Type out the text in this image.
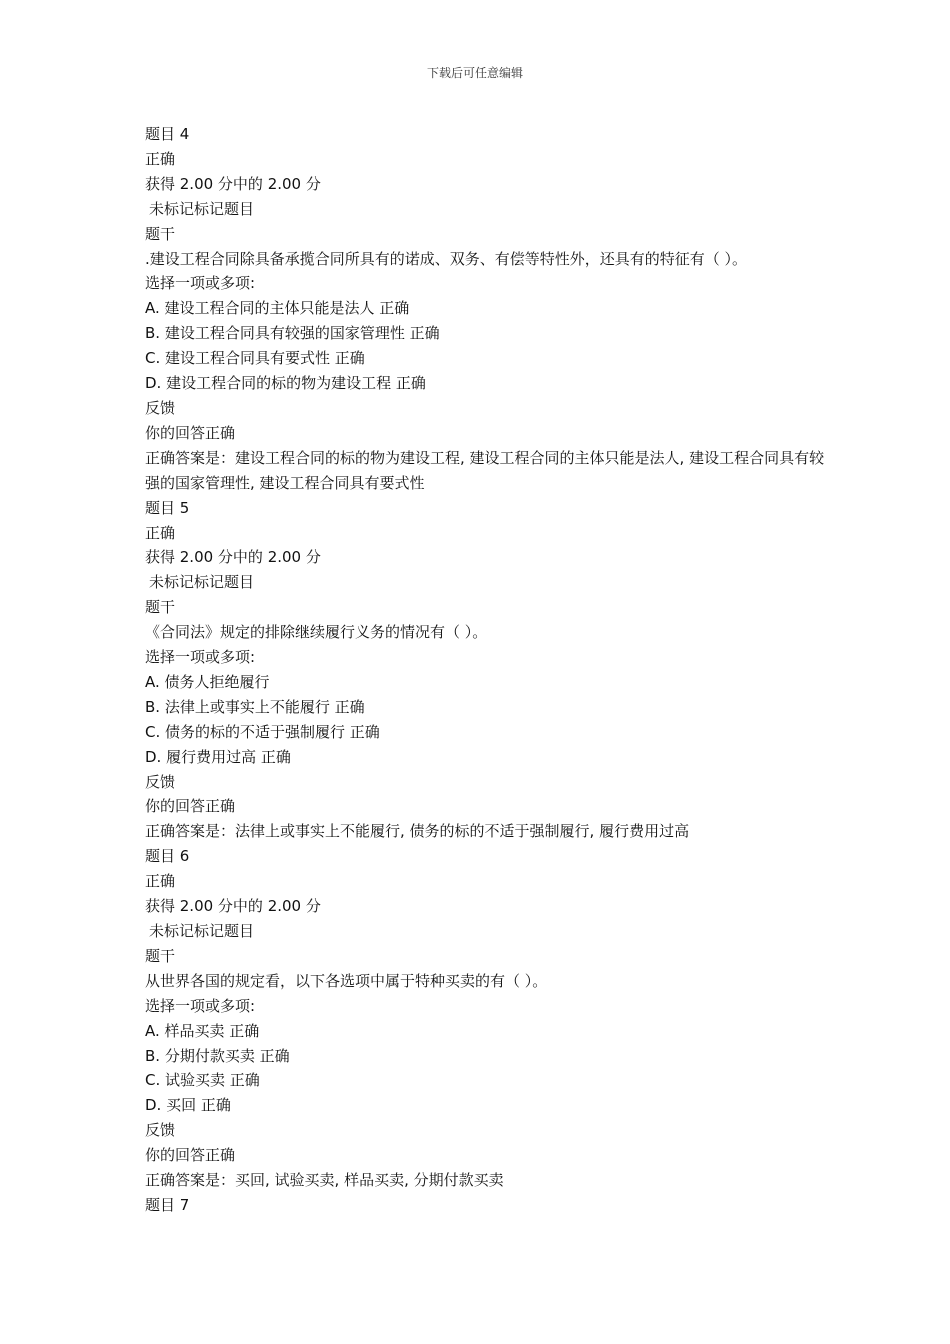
下载后可任意编辑
题目 4
正确
获得 2.00 分中的 2.00 分
未标记标记题目
题干
.建设工程合同除具备承揽合同所具有的诺成、双务、有偿等特性外，还具有的特征有（ ）。
选择一项或多项:
A. 建设工程合同的主体只能是法人 正确
B. 建设工程合同具有较强的国家管理性 正确
C. 建设工程合同具有要式性 正确
D. 建设工程合同的标的物为建设工程 正确
反馈
你的回答正确
正确答案是：建设工程合同的标的物为建设工程, 建设工程合同的主体只能是法人, 建设工程合同具有较强的国家管理性, 建设工程合同具有要式性
题目 5
正确
获得 2.00 分中的 2.00 分
未标记标记题目
题干
《合同法》规定的排除继续履行义务的情况有（ ）。
选择一项或多项:
A. 债务人拒绝履行
B. 法律上或事实上不能履行 正确
C. 债务的标的不适于强制履行 正确
D. 履行费用过高 正确
反馈
你的回答正确
正确答案是：法律上或事实上不能履行, 债务的标的不适于强制履行, 履行费用过高
题目 6
正确
获得 2.00 分中的 2.00 分
未标记标记题目
题干
从世界各国的规定看，以下各选项中属于特种买卖的有（ ）。
选择一项或多项:
A. 样品买卖 正确
B. 分期付款买卖 正确
C. 试验买卖 正确
D. 买回 正确
反馈
你的回答正确
正确答案是：买回, 试验买卖, 样品买卖, 分期付款买卖
题目 7
